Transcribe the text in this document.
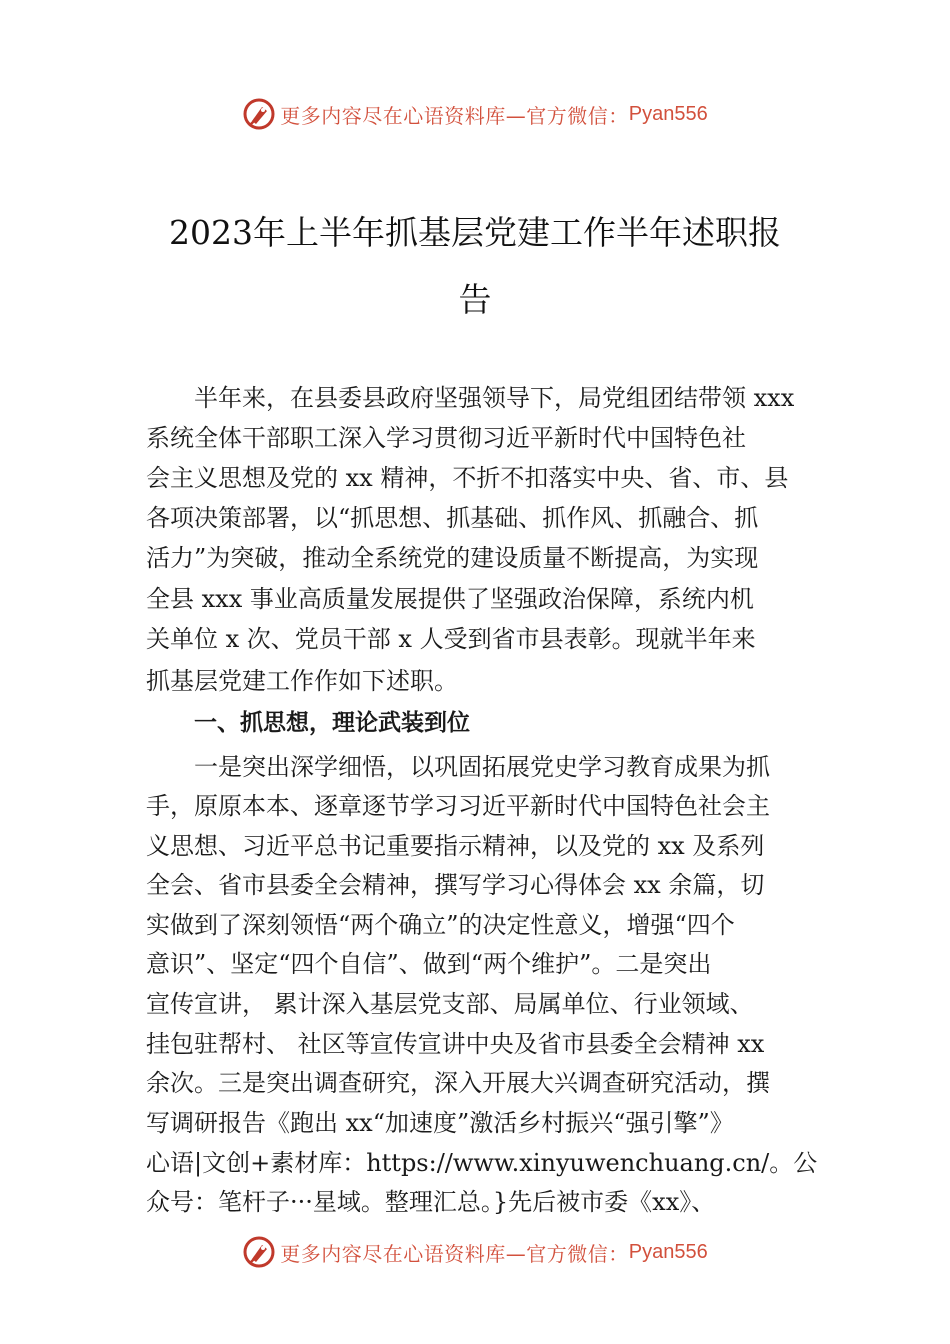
更多内容尽在心语资料库—官方微信： Pyan556
2023年上半年抓基层党建工作半年述职报
告
半年来，在县委县政府坚强领导下，局党组团结带领 xxx
系统全体干部职工深入学习贯彻习近平新时代中国特色社
会主义思想及党的 xx 精神，不折不扣落实中央、省、市、县
各项决策部署，以“抓思想、抓基础、抓作风、抓融合、抓
活力”为突破，推动全系统党的建设质量不断提高，为实现
全县 xxx 事业高质量发展提供了坚强政治保障，系统内机
关单位 x 次、党员干部 x 人受到省市县表彰。现就半年来
抓基层党建工作作如下述职。
一、抓思想，理论武装到位
一是突出深学细悟，以巩固拓展党史学习教育成果为抓
手，原原本本、逐章逐节学习习近平新时代中国特色社会主
义思想、习近平总书记重要指示精神，以及党的 xx 及系列
全会、省市县委全会精神，撰写学习心得体会 xx 余篇，切
实做到了深刻领悟“两个确立”的决定性意义，增强“四个
意识”、坚定“四个自信”、做到“两个维护”。二是突出
宣传宣讲， 累计深入基层党支部、局属单位、行业领域、
挂包驻帮村、 社区等宣传宣讲中央及省市县委全会精神 xx
余次。三是突出调查研究，深入开展大兴调查研究活动，撰
写调研报告《跑出 xx“加速度”激活乡村振兴“强引擎”》
心语|文创+素材库：https://www.xinyuwenchuang.cn/。公
众号：笔杆子···星域。整理汇总。}先后被市委《xx》、
更多内容尽在心语资料库—官方微信： Pyan556
